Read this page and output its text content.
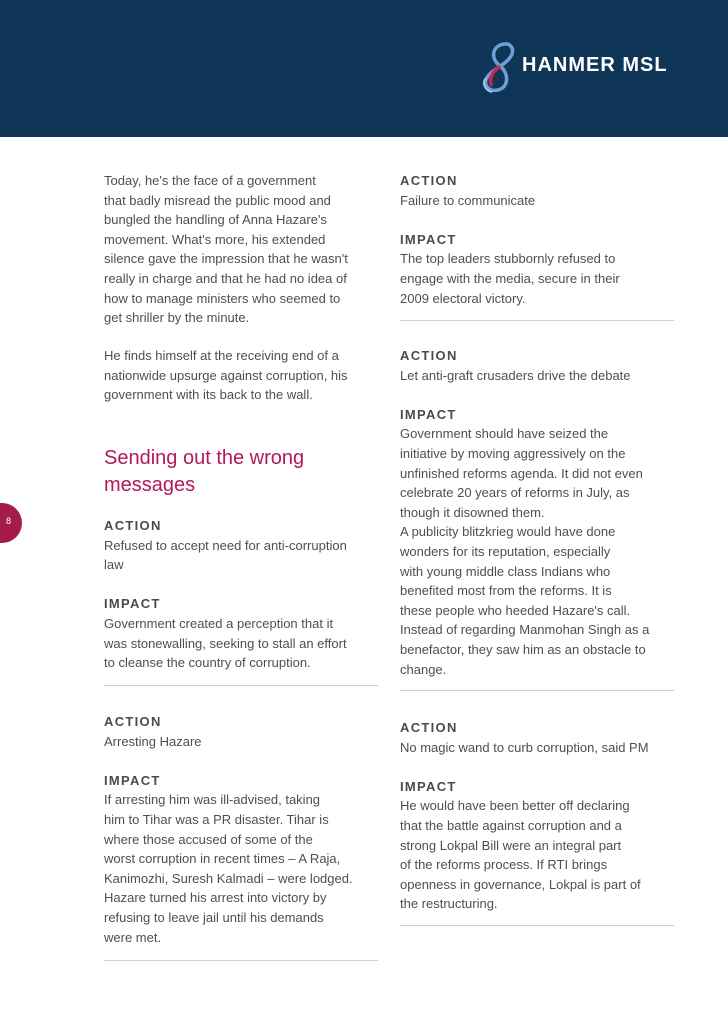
HANMER MSL
8

Today, he's the face of a government

that badly misread the public mood and

bungled the handling of Anna Hazare's

movement. What's more, his extended

silence gave the impression that he wasn't

really in charge and that he had no idea of

how to manage ministers who seemed to

get shriller by the minute.

He finds himself at the receiving end of a

nationwide upsurge against corruption, his

government with its back to the wall.

Sending out the wrong

messages

ACTION

Refused to accept need for anti-corruption

law

IMPACT

Government created a perception that it

was stonewalling, seeking to stall an effort

to cleanse the country of corruption.

ACTION

Arresting Hazare

IMPACT

If arresting him was ill-advised, taking

him to Tihar was a PR disaster. Tihar is

where those accused of some of the

worst corruption in recent times – A Raja,

Kanimozhi, Suresh Kalmadi – were lodged.

Hazare turned his arrest into victory by

refusing to leave jail until his demands

were met.

ACTION

Failure to communicate

IMPACT

The top leaders stubbornly refused to

engage with the media, secure in their

2009 electoral victory.

ACTION

Let anti-graft crusaders drive the debate

IMPACT

Government should have seized the

initiative by moving aggressively on the

unfinished reforms agenda. It did not even

celebrate 20 years of reforms in July, as

though it disowned them.

A publicity blitzkrieg would have done

wonders for its reputation, especially

with young middle class Indians who

benefited most from the reforms. It is

these people who heeded Hazare's call.

Instead of regarding Manmohan Singh as a

benefactor, they saw him as an obstacle to

change.

ACTION

No magic wand to curb corruption, said PM

IMPACT

He would have been better off declaring

that the battle against corruption and a

strong Lokpal Bill were an integral part

of the reforms process. If RTI brings

openness in governance, Lokpal is part of

the restructuring.
